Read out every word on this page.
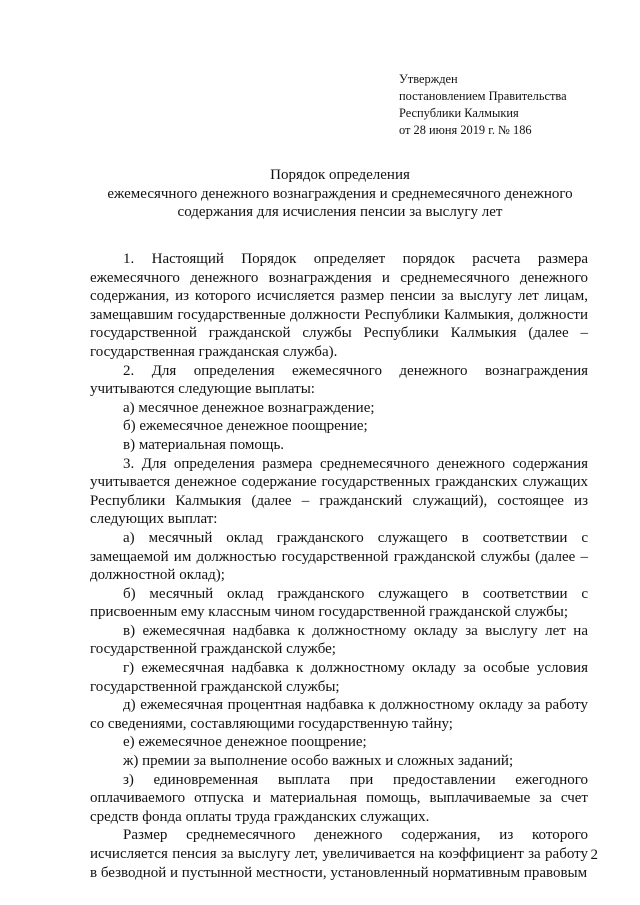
Утвержден
постановлением Правительства
Республики Калмыкия
от 28 июня 2019 г. № 186
Порядок определения
ежемесячного денежного вознаграждения и среднемесячного денежного
содержания для исчисления пенсии за выслугу лет

1. Настоящий Порядок определяет порядок расчета размера ежемесячного денежного вознаграждения и среднемесячного денежного содержания, из которого исчисляется размер пенсии за выслугу лет лицам, замещавшим государственные должности Республики Калмыкия, должности государственной гражданской службы Республики Калмыкия (далее – государственная гражданская служба).

2. Для определения ежемесячного денежного вознаграждения учитываются следующие выплаты:

а) месячное денежное вознаграждение;

б) ежемесячное денежное поощрение;

в) материальная помощь.

3. Для определения размера среднемесячного денежного содержания учитывается денежное содержание государственных гражданских служащих Республики Калмыкия (далее – гражданский служащий), состоящее из следующих выплат:

а) месячный оклад гражданского служащего в соответствии с замещаемой им должностью государственной гражданской службы (далее – должностной оклад);

б) месячный оклад гражданского служащего в соответствии с присвоенным ему классным чином государственной гражданской службы;

в) ежемесячная надбавка к должностному окладу за выслугу лет на государственной гражданской службе;

г) ежемесячная надбавка к должностному окладу за особые условия государственной гражданской службы;

д) ежемесячная процентная надбавка к должностному окладу за работу со сведениями, составляющими государственную тайну;

е) ежемесячное денежное поощрение;

ж) премии за выполнение особо важных и сложных заданий;

з) единовременная выплата при предоставлении ежегодного оплачиваемого отпуска и материальная помощь, выплачиваемые за счет средств фонда оплаты труда гражданских служащих.

Размер среднемесячного денежного содержания, из которого исчисляется пенсия за выслугу лет, увеличивается на коэффициент за работу в безводной и пустынной местности, установленный нормативным правовым

2
